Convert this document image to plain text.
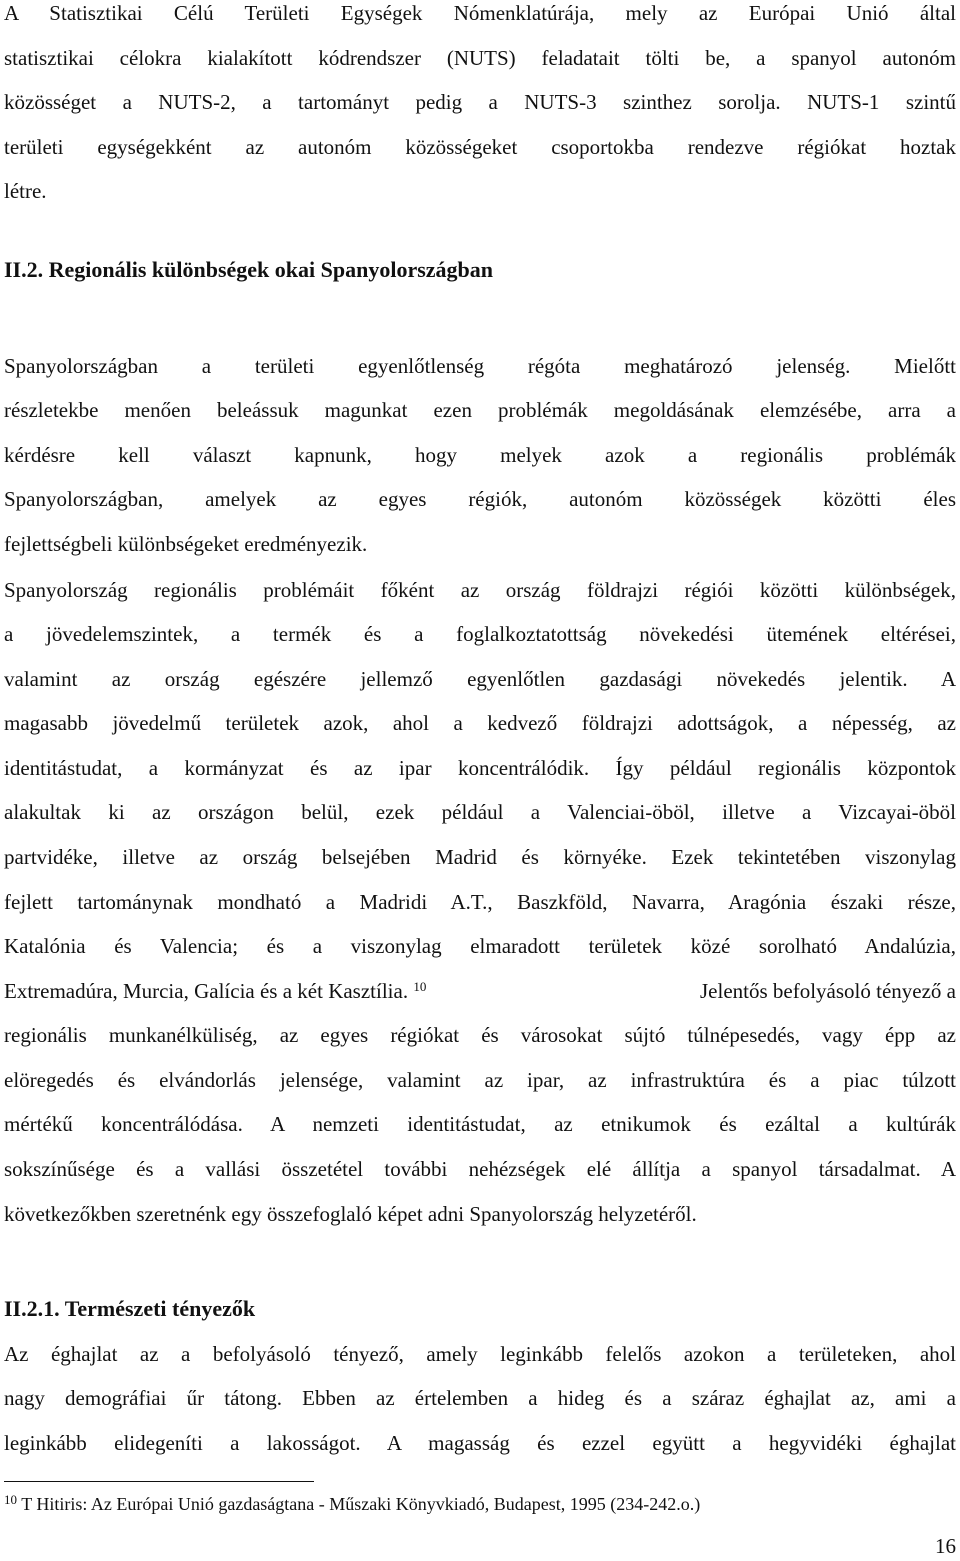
A Statisztikai Célú Területi Egységek Nómenklatúrája, mely az Európai Unió által
statisztikai célokra kialakított kódrendszer (NUTS) feladatait tölti be, a spanyol autonóm
közösséget a NUTS-2, a tartományt pedig a NUTS-3 szinthez sorolja. NUTS-1 szintű
területi egységekként az autonóm közösségeket csoportokba rendezve régiókat hoztak
létre.
II.2. Regionális különbségek okai Spanyolországban
Spanyolországban a területi egyenlőtlenség régóta meghatározó jelenség. Mielőtt
részletekbe menően beleássuk magunkat ezen problémák megoldásának elemzésébe, arra a
kérdésre kell választ kapnunk, hogy melyek azok a regionális problémák
Spanyolországban, amelyek az egyes régiók, autonóm közösségek közötti éles
fejlettségbeli különbségeket eredményezik.
Spanyolország regionális problémáit főként az ország földrajzi régiói közötti különbségek,
a jövedelemszintek, a termék és a foglalkoztatottság növekedési ütemének eltérései,
valamint az ország egészére jellemző egyenlőtlen gazdasági növekedés jelentik. A
magasabb jövedelmű területek azok, ahol a kedvező földrajzi adottságok, a népesség, az
identitástudat, a kormányzat és az ipar koncentrálódik. Így például regionális központok
alakultak ki az országon belül, ezek például a Valenciai-öböl, illetve a Vizcayai-öböl
partvidéke, illetve az ország belsejében Madrid és környéke. Ezek tekintetében viszonylag
fejlett tartománynak mondható a Madridi A.T., Baszkföld, Navarra, Aragónia északi része,
Katalónia és Valencia; és a viszonylag elmaradott területek közé sorolható Andalúzia,
Extremadúra, Murcia, Galícia és a két Kasztília. $^{10}$	Jelentős befolyásoló tényező a
regionális munkanélküliség, az egyes régiókat és városokat sújtó túlnépesedés, vagy épp az
elöregedés és elvándorlás jelensége, valamint az ipar, az infrastruktúra és a piac túlzott
mértékű koncentrálódása. A nemzeti identitástudat, az etnikumok és ezáltal a kultúrák
sokszínűsége és a vallási összetétel további nehézségek elé állítja a spanyol társadalmat. A
következőkben szeretnénk egy összefoglaló képet adni Spanyolország helyzetéről.
II.2.1. Természeti tényezők
Az éghajlat az a befolyásoló tényező, amely leginkább felelős azokon a területeken, ahol
nagy demográfiai űr tátong. Ebben az értelemben a hideg és a száraz éghajlat az, ami a
leginkább elidegeníti a lakosságot. A magasság és ezzel együtt a hegyvidéki éghajlat
$^{10}$ T Hitiris: Az Európai Unió gazdaságtana - Műszaki Könyvkiadó, Budapest, 1995 (234-242.o.)
16
